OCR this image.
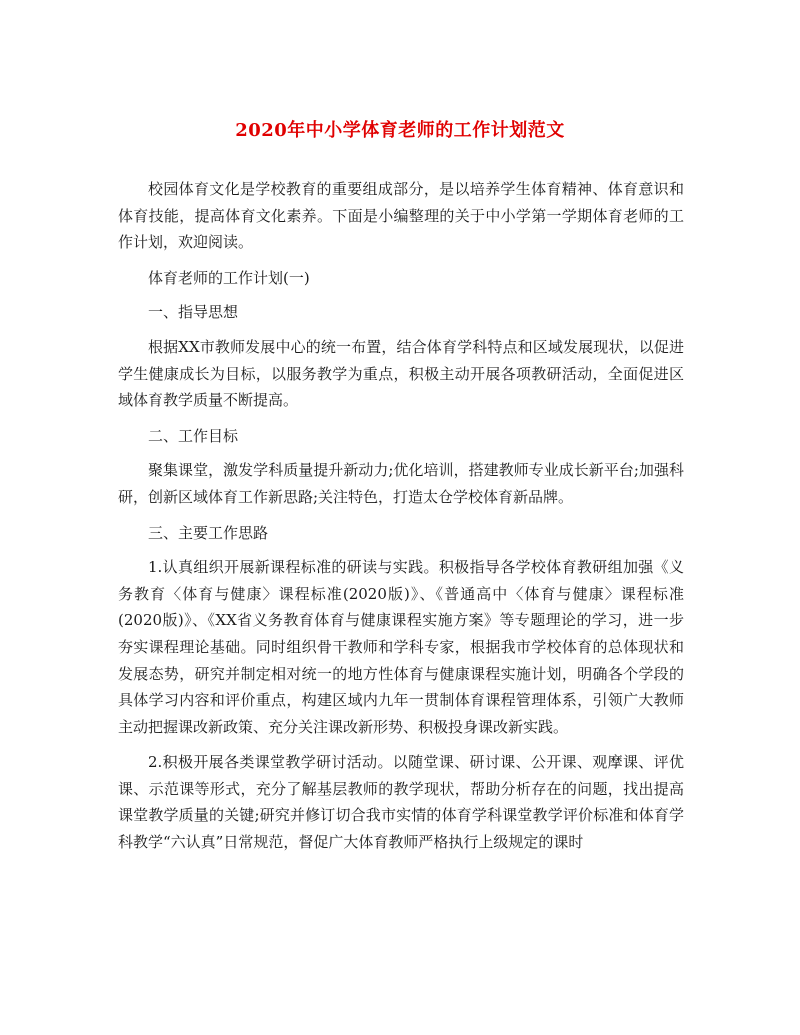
2020年中小学体育老师的工作计划范文

校园体育文化是学校教育的重要组成部分，是以培养学生体育精神、体育意识和体育技能，提高体育文化素养。下面是小编整理的关于中小学第一学期体育老师的工作计划，欢迎阅读。

体育老师的工作计划(一)

一、指导思想

根据XX市教师发展中心的统一布置，结合体育学科特点和区域发展现状，以促进学生健康成长为目标，以服务教学为重点，积极主动开展各项教研活动，全面促进区域体育教学质量不断提高。

二、工作目标

聚集课堂，激发学科质量提升新动力;优化培训，搭建教师专业成长新平台;加强科研，创新区域体育工作新思路;关注特色，打造太仓学校体育新品牌。

三、主要工作思路

1.认真组织开展新课程标准的研读与实践。积极指导各学校体育教研组加强《义务教育〈体育与健康〉课程标准(2020版)》、《普通高中〈体育与健康〉课程标准(2020版)》、《XX省义务教育体育与健康课程实施方案》等专题理论的学习，进一步夯实课程理论基础。同时组织骨干教师和学科专家，根据我市学校体育的总体现状和发展态势，研究并制定相对统一的地方性体育与健康课程实施计划，明确各个学段的具体学习内容和评价重点，构建区域内九年一贯制体育课程管理体系，引领广大教师主动把握课改新政策、充分关注课改新形势、积极投身课改新实践。

2.积极开展各类课堂教学研讨活动。以随堂课、研讨课、公开课、观摩课、评优课、示范课等形式，充分了解基层教师的教学现状，帮助分析存在的问题，找出提高课堂教学质量的关键;研究并修订切合我市实情的体育学科课堂教学评价标准和体育学科教学“六认真”日常规范，督促广大体育教师严格执行上级规定的课时
